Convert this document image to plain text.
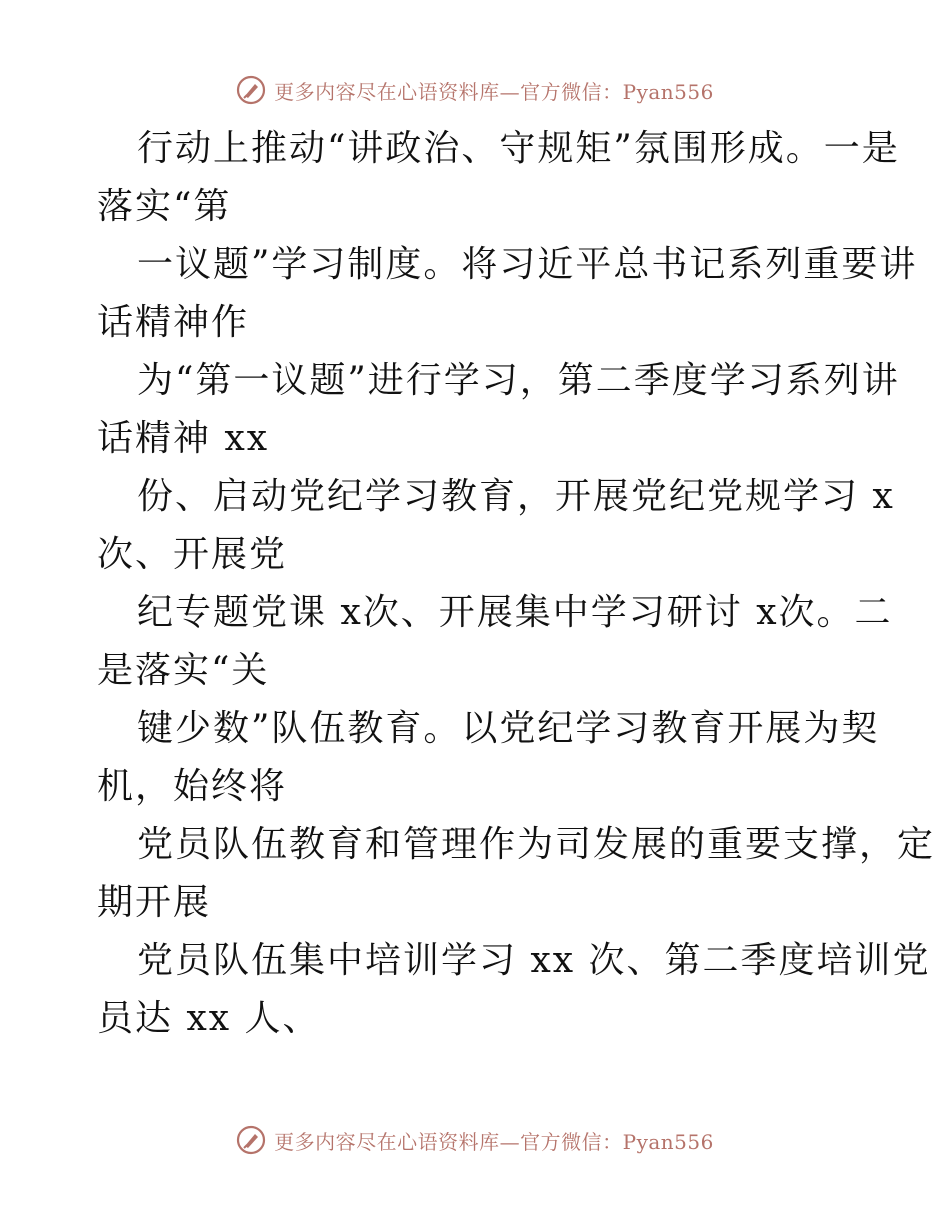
更多内容尽在心语资料库—官方微信：Pyan556
行动上推动“讲政治、守规矩”氛围形成。一是
落实“第
一议题”学习制度。将习近平总书记系列重要讲
话精神作
为“第一议题”进行学习，第二季度学习系列讲
话精神 xx
份、启动党纪学习教育，开展党纪党规学习 x
次、开展党
纪专题党课 x次、开展集中学习研讨 x次。二
是落实“关
键少数”队伍教育。以党纪学习教育开展为契
机，始终将
党员队伍教育和管理作为司发展的重要支撑，定
期开展
党员队伍集中培训学习 xx 次、第二季度培训党
员达 xx 人、
更多内容尽在心语资料库—官方微信：Pyan556
